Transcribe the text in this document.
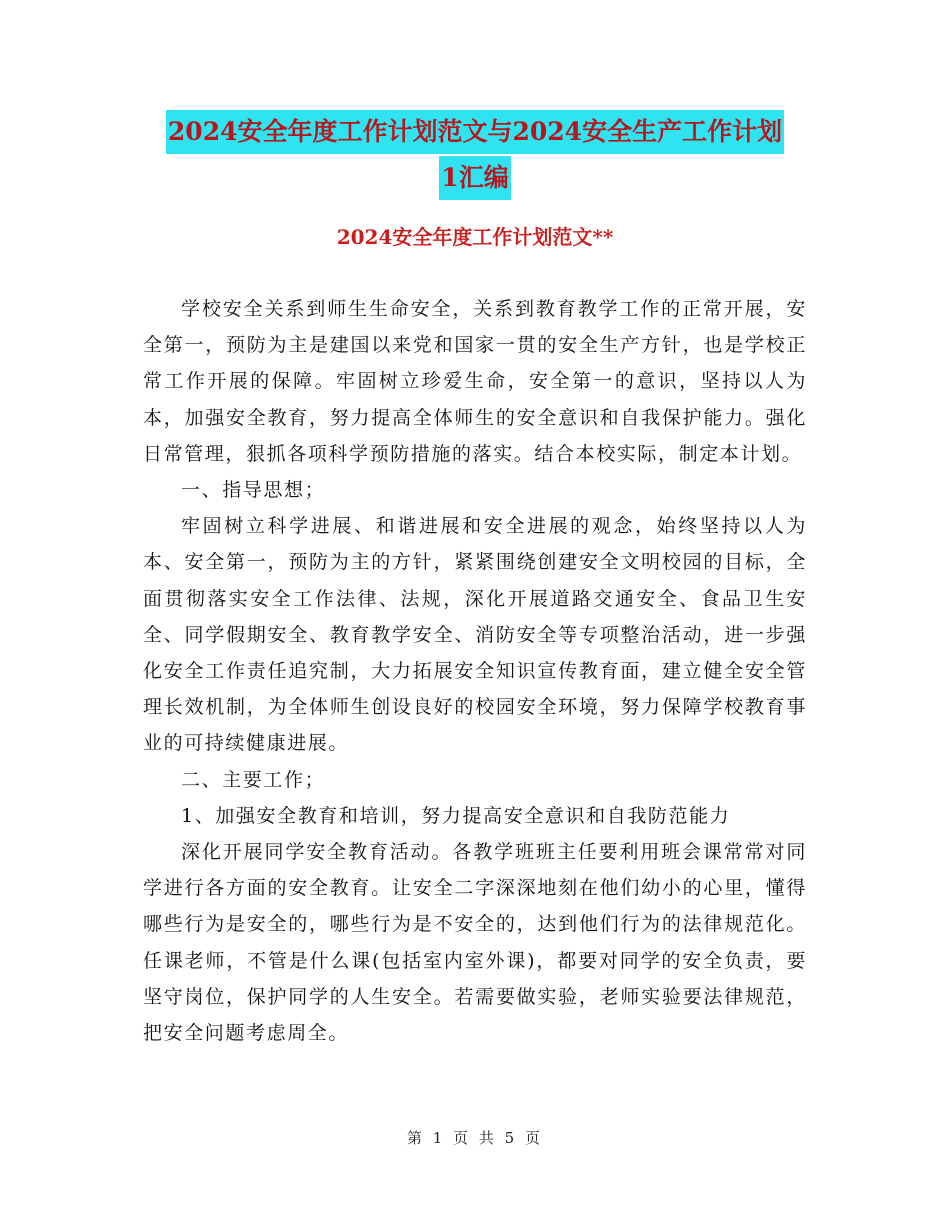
2024安全年度工作计划范文与2024安全生产工作计划
1汇编
2024安全年度工作计划范文**

学校安全关系到师生生命安全，关系到教育教学工作的正常开展，安全第一，预防为主是建国以来党和国家一贯的安全生产方针，也是学校正常工作开展的保障。牢固树立珍爱生命，安全第一的意识，坚持以人为本，加强安全教育，努力提高全体师生的安全意识和自我保护能力。强化日常管理，狠抓各项科学预防措施的落实。结合本校实际，制定本计划。

一、指导思想；

牢固树立科学进展、和谐进展和安全进展的观念，始终坚持以人为本、安全第一，预防为主的方针，紧紧围绕创建安全文明校园的目标，全面贯彻落实安全工作法律、法规，深化开展道路交通安全、食品卫生安全、同学假期安全、教育教学安全、消防安全等专项整治活动，进一步强化安全工作责任追究制，大力拓展安全知识宣传教育面，建立健全安全管理长效机制，为全体师生创设良好的校园安全环境，努力保障学校教育事业的可持续健康进展。

二、主要工作；

1、加强安全教育和培训，努力提高安全意识和自我防范能力

深化开展同学安全教育活动。各教学班班主任要利用班会课常常对同学进行各方面的安全教育。让安全二字深深地刻在他们幼小的心里，懂得哪些行为是安全的，哪些行为是不安全的，达到他们行为的法律规范化。任课老师，不管是什么课(包括室内室外课)，都要对同学的安全负责，要坚守岗位，保护同学的人生安全。若需要做实验，老师实验要法律规范，把安全问题考虑周全。

第 1 页 共 5 页
